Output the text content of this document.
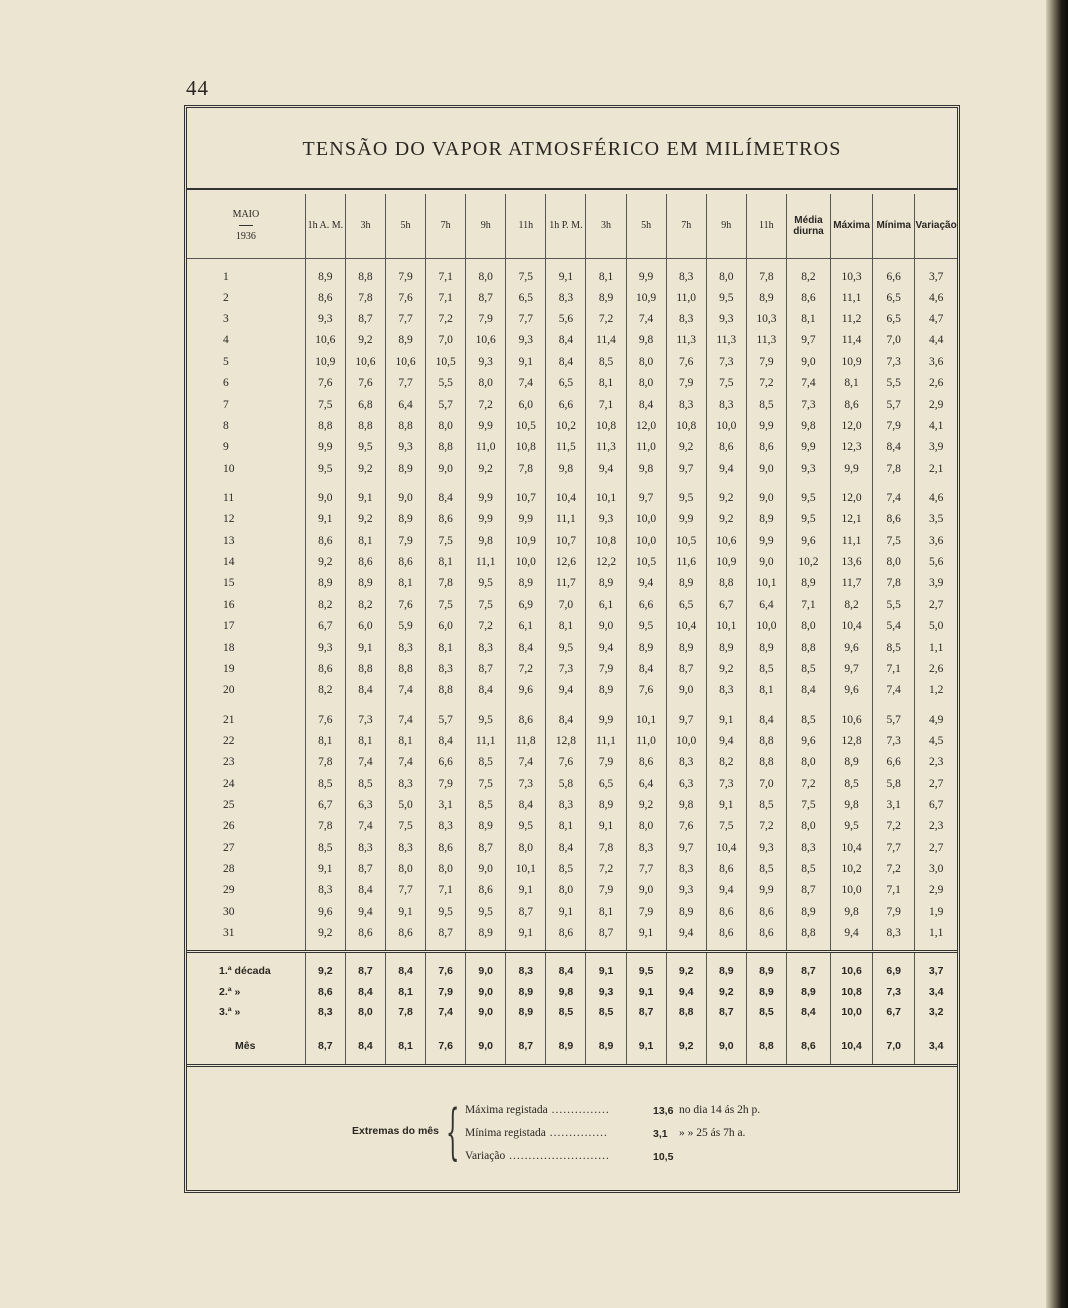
44
TENSÃO DO VAPOR ATMOSFÉRICO EM MILÍMETROS
MAIO

1936	1h A. M.	3h	5h	7h	9h	11h	1h P. M.	3h	5h	7h	9h	11h	Média diurna	Máxima	Mínima	Variação
1	8,9	8,8	7,9	7,1	8,0	7,5	9,1	8,1	9,9	8,3	8,0	7,8	8,2	10,3	6,6	3,7
2	8,6	7,8	7,6	7,1	8,7	6,5	8,3	8,9	10,9	11,0	9,5	8,9	8,6	11,1	6,5	4,6
3	9,3	8,7	7,7	7,2	7,9	7,7	5,6	7,2	7,4	8,3	9,3	10,3	8,1	11,2	6,5	4,7
4	10,6	9,2	8,9	7,0	10,6	9,3	8,4	11,4	9,8	11,3	11,3	11,3	9,7	11,4	7,0	4,4
5	10,9	10,6	10,6	10,5	9,3	9,1	8,4	8,5	8,0	7,6	7,3	7,9	9,0	10,9	7,3	3,6
6	7,6	7,6	7,7	5,5	8,0	7,4	6,5	8,1	8,0	7,9	7,5	7,2	7,4	8,1	5,5	2,6
7	7,5	6,8	6,4	5,7	7,2	6,0	6,6	7,1	8,4	8,3	8,3	8,5	7,3	8,6	5,7	2,9
8	8,8	8,8	8,8	8,0	9,9	10,5	10,2	10,8	12,0	10,8	10,0	9,9	9,8	12,0	7,9	4,1
9	9,9	9,5	9,3	8,8	11,0	10,8	11,5	11,3	11,0	9,2	8,6	8,6	9,9	12,3	8,4	3,9
10	9,5	9,2	8,9	9,0	9,2	7,8	9,8	9,4	9,8	9,7	9,4	9,0	9,3	9,9	7,8	2,1
11	9,0	9,1	9,0	8,4	9,9	10,7	10,4	10,1	9,7	9,5	9,2	9,0	9,5	12,0	7,4	4,6
12	9,1	9,2	8,9	8,6	9,9	9,9	11,1	9,3	10,0	9,9	9,2	8,9	9,5	12,1	8,6	3,5
13	8,6	8,1	7,9	7,5	9,8	10,9	10,7	10,8	10,0	10,5	10,6	9,9	9,6	11,1	7,5	3,6
14	9,2	8,6	8,6	8,1	11,1	10,0	12,6	12,2	10,5	11,6	10,9	9,0	10,2	13,6	8,0	5,6
15	8,9	8,9	8,1	7,8	9,5	8,9	11,7	8,9	9,4	8,9	8,8	10,1	8,9	11,7	7,8	3,9
16	8,2	8,2	7,6	7,5	7,5	6,9	7,0	6,1	6,6	6,5	6,7	6,4	7,1	8,2	5,5	2,7
17	6,7	6,0	5,9	6,0	7,2	6,1	8,1	9,0	9,5	10,4	10,1	10,0	8,0	10,4	5,4	5,0
18	9,3	9,1	8,3	8,1	8,3	8,4	9,5	9,4	8,9	8,9	8,9	8,9	8,8	9,6	8,5	1,1
19	8,6	8,8	8,8	8,3	8,7	7,2	7,3	7,9	8,4	8,7	9,2	8,5	8,5	9,7	7,1	2,6
20	8,2	8,4	7,4	8,8	8,4	9,6	9,4	8,9	7,6	9,0	8,3	8,1	8,4	9,6	7,4	1,2
21	7,6	7,3	7,4	5,7	9,5	8,6	8,4	9,9	10,1	9,7	9,1	8,4	8,5	10,6	5,7	4,9
22	8,1	8,1	8,1	8,4	11,1	11,8	12,8	11,1	11,0	10,0	9,4	8,8	9,6	12,8	7,3	4,5
23	7,8	7,4	7,4	6,6	8,5	7,4	7,6	7,9	8,6	8,3	8,2	8,8	8,0	8,9	6,6	2,3
24	8,5	8,5	8,3	7,9	7,5	7,3	5,8	6,5	6,4	6,3	7,3	7,0	7,2	8,5	5,8	2,7
25	6,7	6,3	5,0	3,1	8,5	8,4	8,3	8,9	9,2	9,8	9,1	8,5	7,5	9,8	3,1	6,7
26	7,8	7,4	7,5	8,3	8,9	9,5	8,1	9,1	8,0	7,6	7,5	7,2	8,0	9,5	7,2	2,3
27	8,5	8,3	8,3	8,6	8,7	8,0	8,4	7,8	8,3	9,7	10,4	9,3	8,3	10,4	7,7	2,7
28	9,1	8,7	8,0	8,0	9,0	10,1	8,5	7,2	7,7	8,3	8,6	8,5	8,5	10,2	7,2	3,0
29	8,3	8,4	7,7	7,1	8,6	9,1	8,0	7,9	9,0	9,3	9,4	9,9	8,7	10,0	7,1	2,9
30	9,6	9,4	9,1	9,5	9,5	8,7	9,1	8,1	7,9	8,9	8,6	8,6	8,9	9,8	7,9	1,9
31	9,2	8,6	8,6	8,7	8,9	9,1	8,6	8,7	9,1	9,4	8,6	8,6	8,8	9,4	8,3	1,1
1.ª década	9,2	8,7	8,4	7,6	9,0	8,3	8,4	9,1	9,5	9,2	8,9	8,9	8,7	10,6	6,9	3,7
2.ª »	8,6	8,4	8,1	7,9	9,0	8,9	9,8	9,3	9,1	9,4	9,2	8,9	8,9	10,8	7,3	3,4
3.ª »	8,3	8,0	7,8	7,4	9,0	8,9	8,5	8,5	8,7	8,8	8,7	8,5	8,4	10,0	6,7	3,2
Mês	8,7	8,4	8,1	7,6	9,0	8,7	8,9	8,9	9,1	9,2	9,0	8,8	8,6	10,4	7,0	3,4
Extremas do mês { Máxima registada ...............	13,6 no dia 14 ás 2h p.
Mínima registada ...............	3,1 » » 25 ás 7h a.
Variação ..........................	10,5
